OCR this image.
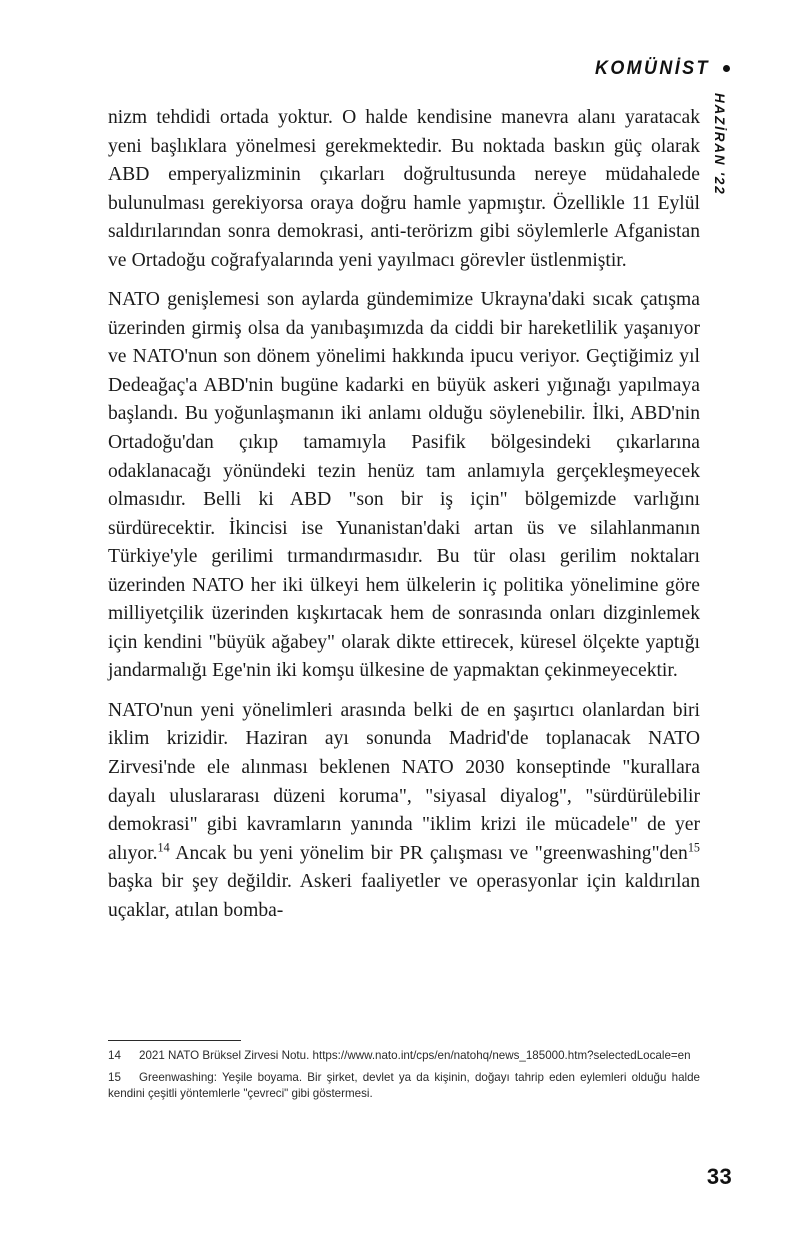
KOMÜNİST
HAZİRAN '22

nizm tehdidi ortada yoktur. O halde kendisine manevra alanı yaratacak yeni başlıklara yönelmesi gerekmektedir. Bu noktada baskın güç olarak ABD emperyalizminin çıkarları doğrultusunda nereye müdahalede bulunulması gerekiyorsa oraya doğru hamle yapmıştır. Özellikle 11 Eylül saldırılarından sonra demokrasi, anti-terörizm gibi söylemlerle Afganistan ve Ortadoğu coğrafyalarında yeni yayılmacı görevler üstlenmiştir.

NATO genişlemesi son aylarda gündemimize Ukrayna'daki sıcak çatışma üzerinden girmiş olsa da yanıbaşımızda da ciddi bir hareketlilik yaşanıyor ve NATO'nun son dönem yönelimi hakkında ipucu veriyor. Geçtiğimiz yıl Dedeağaç'a ABD'nin bugüne kadarki en büyük askeri yığınağı yapılmaya başlandı. Bu yoğunlaşmanın iki anlamı olduğu söylenebilir. İlki, ABD'nin Ortadoğu'dan çıkıp tamamıyla Pasifik bölgesindeki çıkarlarına odaklanacağı yönündeki tezin henüz tam anlamıyla gerçekleşmeyecek olmasıdır. Belli ki ABD "son bir iş için" bölgemizde varlığını sürdürecektir. İkincisi ise Yunanistan'daki artan üs ve silahlanmanın Türkiye'yle gerilimi tırmandırmasıdır. Bu tür olası gerilim noktaları üzerinden NATO her iki ülkeyi hem ülkelerin iç politika yönelimine göre milliyetçilik üzerinden kışkırtacak hem de sonrasında onları dizginlemek için kendini "büyük ağabey" olarak dikte ettirecek, küresel ölçekte yaptığı jandarmalığı Ege'nin iki komşu ülkesine de yapmaktan çekinmeyecektir.

NATO'nun yeni yönelimleri arasında belki de en şaşırtıcı olanlardan biri iklim krizidir. Haziran ayı sonunda Madrid'de toplanacak NATO Zirvesi'nde ele alınması beklenen NATO 2030 konseptinde "kurallara dayalı uluslararası düzeni koruma", "siyasal diyalog", "sürdürülebilir demokrasi" gibi kavramların yanında "iklim krizi ile mücadele" de yer alıyor.$^{14}$ Ancak bu yeni yönelim bir PR çalışması ve "greenwashing"den$^{15}$ başka bir şey değildir. Askeri faaliyetler ve operasyonlar için kaldırılan uçaklar, atılan bomba-

14 2021 NATO Brüksel Zirvesi Notu. https://www.nato.int/cps/en/natohq/news_185000.htm?selectedLocale=en

15 Greenwashing: Yeşile boyama. Bir şirket, devlet ya da kişinin, doğayı tahrip eden eylemleri olduğu halde kendini çeşitli yöntemlerle "çevreci" gibi göstermesi.

33
